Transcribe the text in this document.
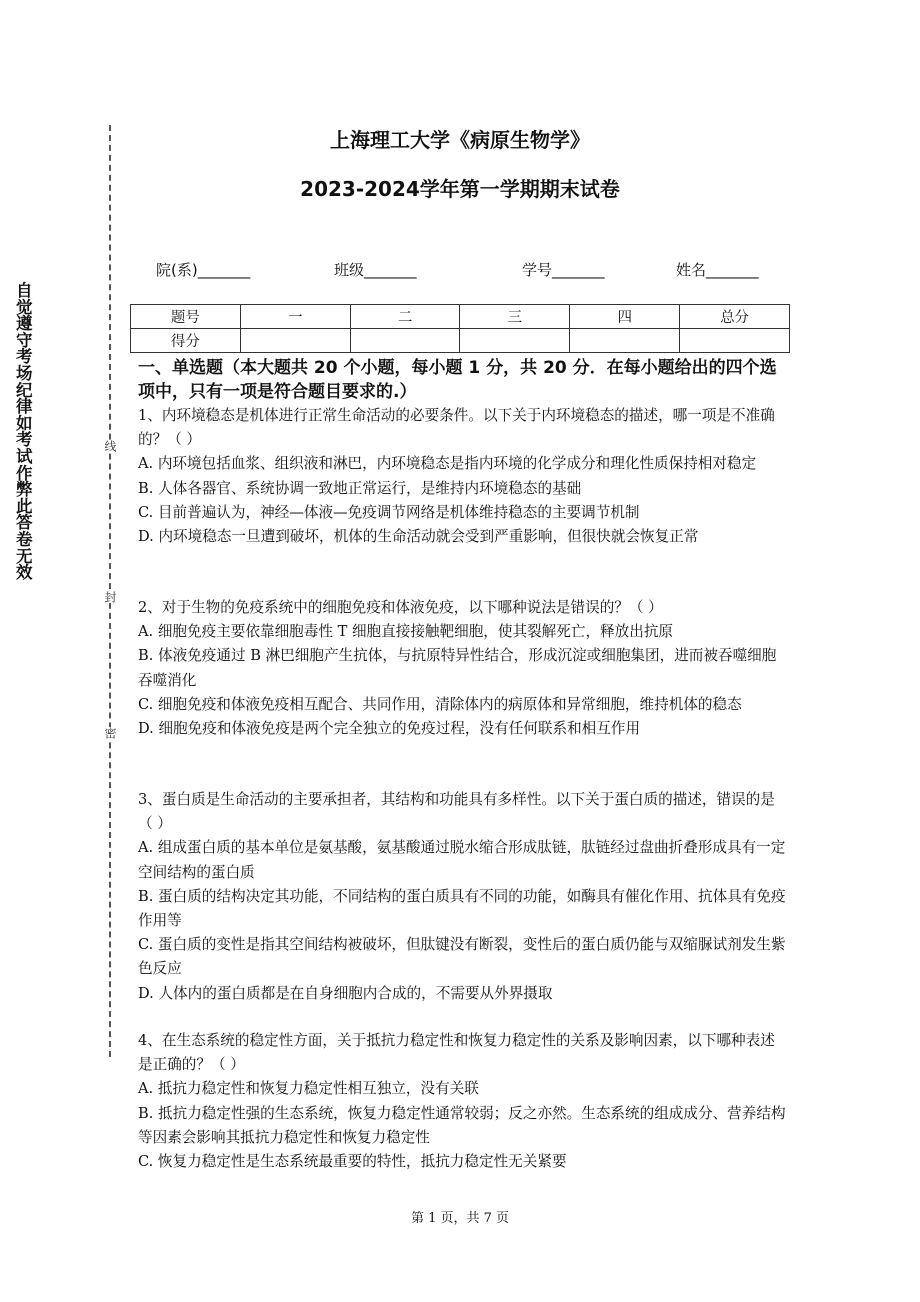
自觉遵守考场纪律如考试作弊此答卷无效
线
封
密
上海理工大学《病原生物学》
2023-2024学年第一学期期末试卷
院(系)_______	班级_______	学号_______	姓名_______
题号	一	二	三	四	总分
得分					
一、单选题（本大题共 20 个小题，每小题 1 分，共 20 分．在每小题给出的四个选项中，只有一项是符合题目要求的.）
1、内环境稳态是机体进行正常生命活动的必要条件。以下关于内环境稳态的描述，哪一项是不准确的？（ ）
A. 内环境包括血浆、组织液和淋巴，内环境稳态是指内环境的化学成分和理化性质保持相对稳定
B. 人体各器官、系统协调一致地正常运行，是维持内环境稳态的基础
C. 目前普遍认为，神经—体液—免疫调节网络是机体维持稳态的主要调节机制
D. 内环境稳态一旦遭到破坏，机体的生命活动就会受到严重影响，但很快就会恢复正常
2、对于生物的免疫系统中的细胞免疫和体液免疫，以下哪种说法是错误的？（ ）
A. 细胞免疫主要依靠细胞毒性 T 细胞直接接触靶细胞，使其裂解死亡，释放出抗原
B. 体液免疫通过 B 淋巴细胞产生抗体，与抗原特异性结合，形成沉淀或细胞集团，进而被吞噬细胞吞噬消化
C. 细胞免疫和体液免疫相互配合、共同作用，清除体内的病原体和异常细胞，维持机体的稳态
D. 细胞免疫和体液免疫是两个完全独立的免疫过程，没有任何联系和相互作用
3、蛋白质是生命活动的主要承担者，其结构和功能具有多样性。以下关于蛋白质的描述，错误的是（ ）
A. 组成蛋白质的基本单位是氨基酸，氨基酸通过脱水缩合形成肽链，肽链经过盘曲折叠形成具有一定空间结构的蛋白质
B. 蛋白质的结构决定其功能，不同结构的蛋白质具有不同的功能，如酶具有催化作用、抗体具有免疫作用等
C. 蛋白质的变性是指其空间结构被破坏，但肽键没有断裂，变性后的蛋白质仍能与双缩脲试剂发生紫色反应
D. 人体内的蛋白质都是在自身细胞内合成的，不需要从外界摄取
4、在生态系统的稳定性方面，关于抵抗力稳定性和恢复力稳定性的关系及影响因素，以下哪种表述是正确的？（ ）
A. 抵抗力稳定性和恢复力稳定性相互独立，没有关联
B. 抵抗力稳定性强的生态系统，恢复力稳定性通常较弱；反之亦然。生态系统的组成成分、营养结构等因素会影响其抵抗力稳定性和恢复力稳定性
C. 恢复力稳定性是生态系统最重要的特性，抵抗力稳定性无关紧要
第 1 页，共 7 页
